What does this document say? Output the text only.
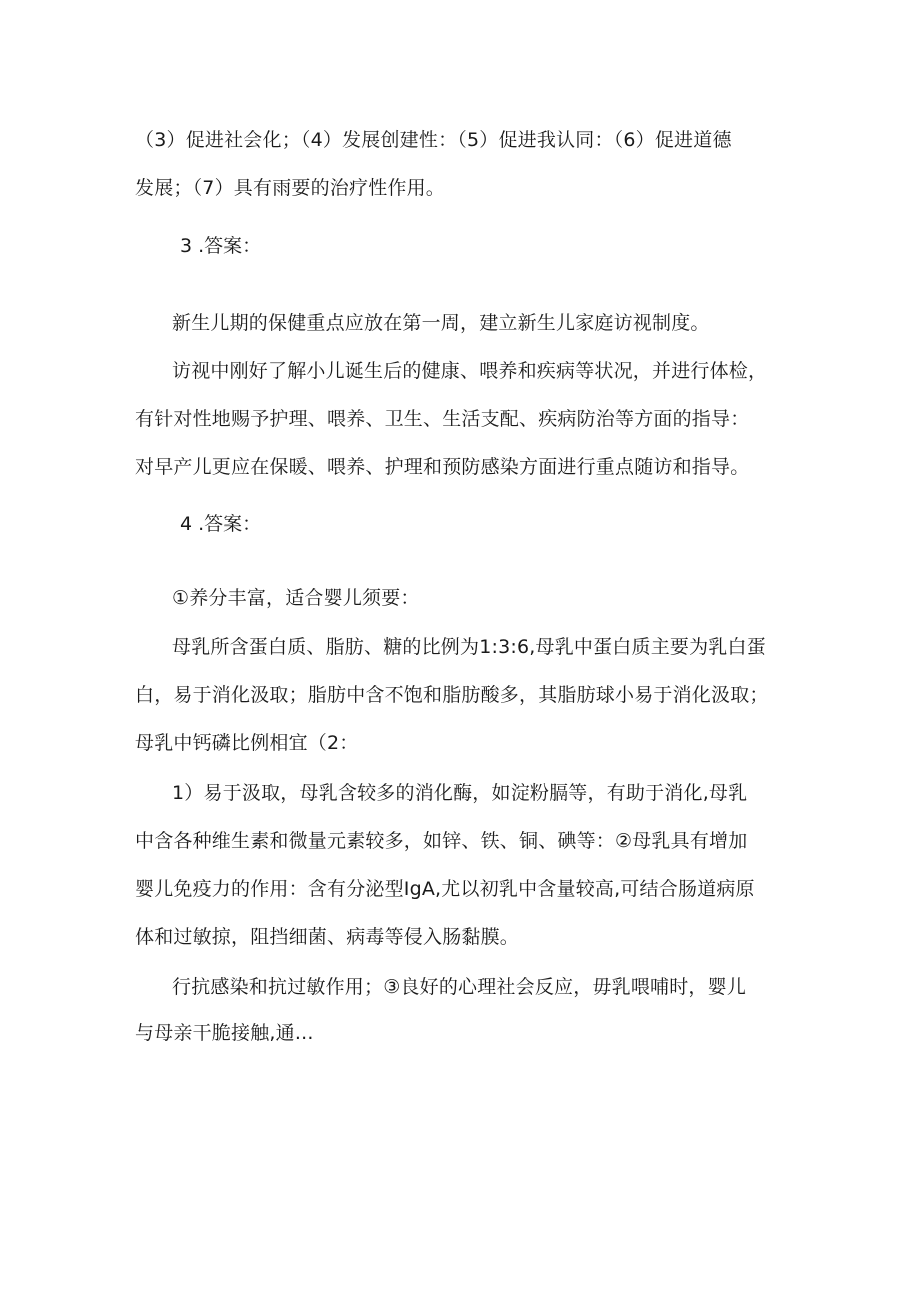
（3）促进社会化；（4）发展创建性：（5）促进我认同：（6）促进道德
发展；（7）具有雨要的治疗性作用。
3 .答案：
新生儿期的保健重点应放在第一周，建立新生儿家庭访视制度。
访视中刚好了解小儿诞生后的健康、喂养和疾病等状况，并进行体检，
有针对性地赐予护理、喂养、卫生、生活支配、疾病防治等方面的指导：
对早产儿更应在保暖、喂养、护理和预防感染方面进行重点随访和指导。
4 .答案：
①养分丰富，适合婴儿须要：
母乳所含蛋白质、脂肪、糖的比例为1:3:6,母乳中蛋白质主要为乳白蛋
白，易于消化汲取；脂肪中含不饱和脂肪酸多，其脂肪球小易于消化汲取；
母乳中钙磷比例相宜（2：
1）易于汲取，母乳含较多的消化酶，如淀粉膈等，有助于消化,母乳
中含各种维生素和微量元素较多，如锌、铁、铜、碘等：②母乳具有增加
婴儿免疫力的作用：含有分泌型IgA,尤以初乳中含量较高,可结合肠道病原
体和过敏掠，阻挡细菌、病毒等侵入肠黏膜。
行抗感染和抗过敏作用；③良好的心理社会反应，毋乳喂哺时，婴儿
与母亲干脆接触,通...
